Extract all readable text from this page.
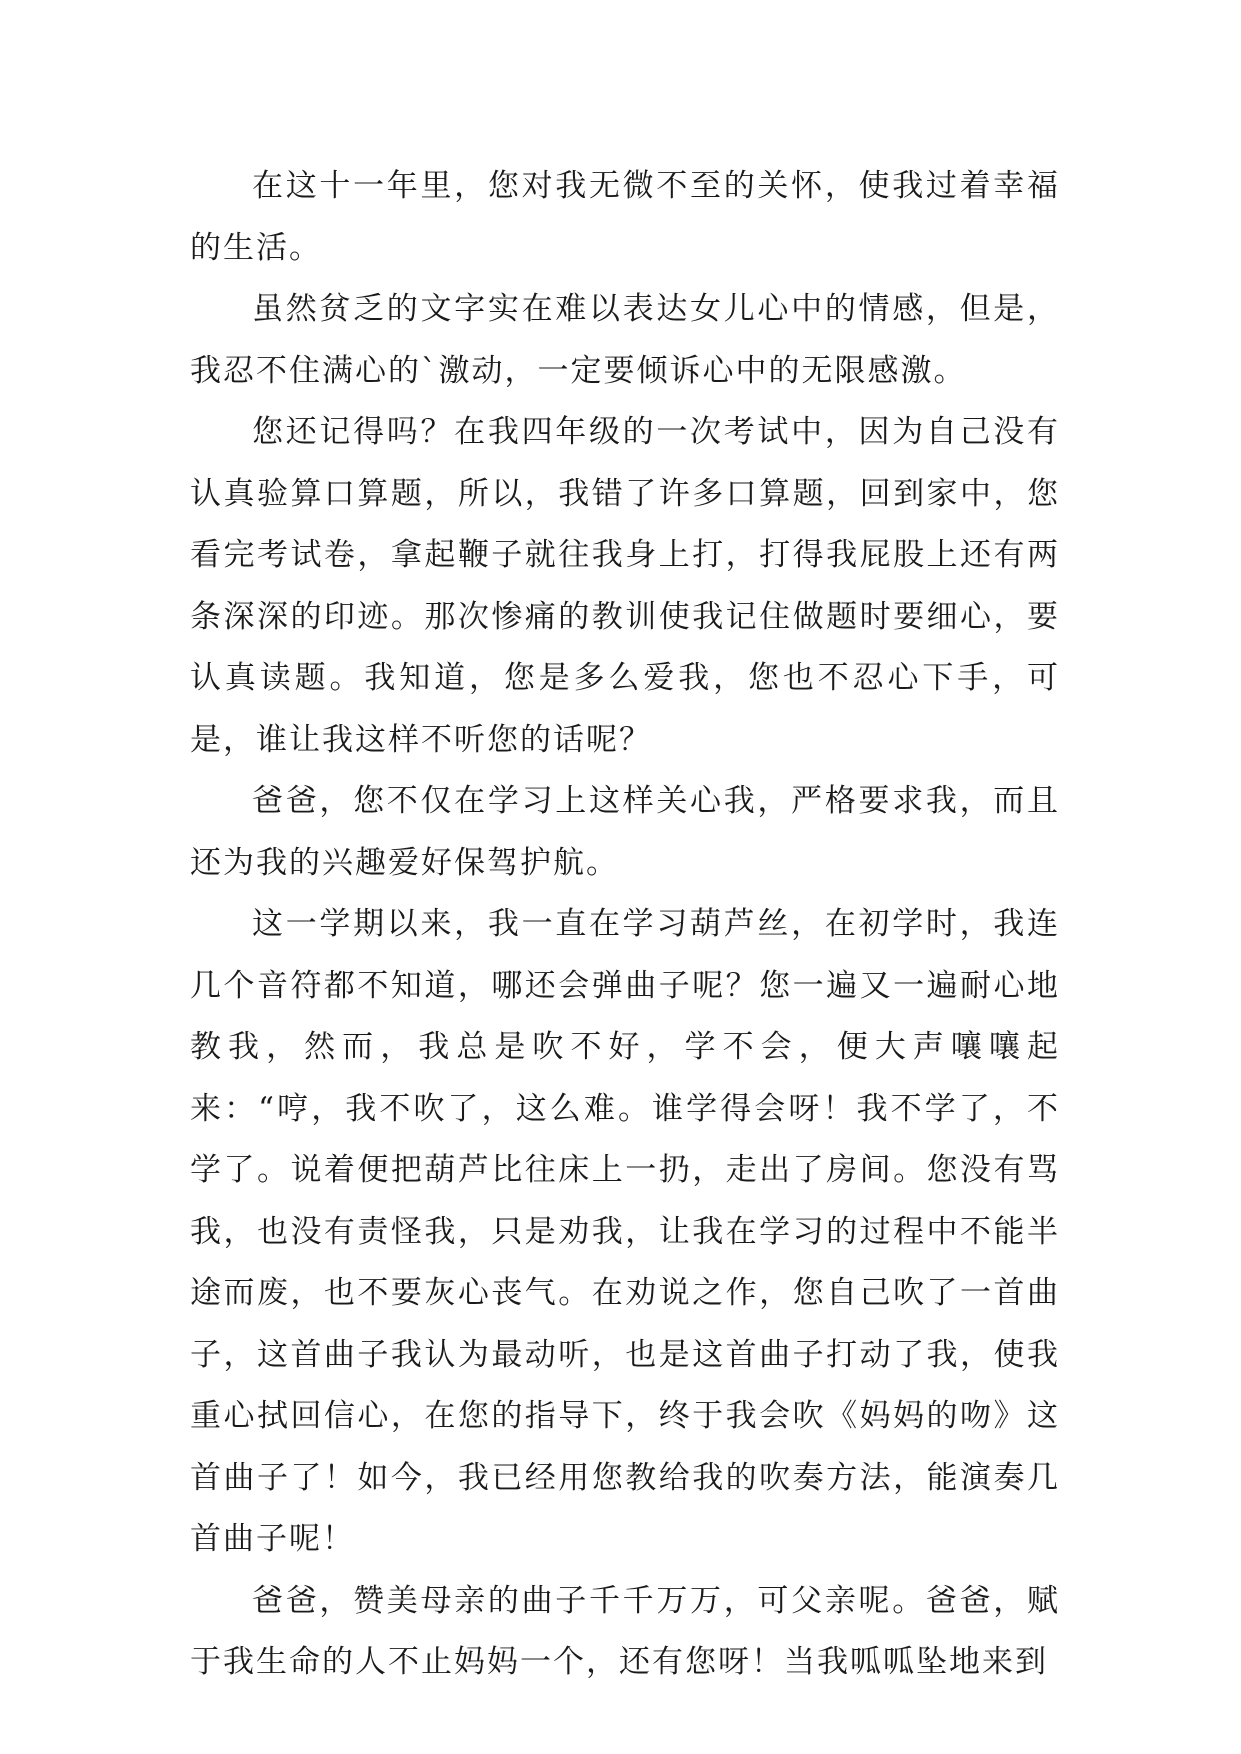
在这十一年里，您对我无微不至的关怀，使我过着幸福的生活。

虽然贫乏的文字实在难以表达女儿心中的情感，但是，我忍不住满心的`激动，一定要倾诉心中的无限感激。

您还记得吗？在我四年级的一次考试中，因为自己没有认真验算口算题，所以，我错了许多口算题，回到家中，您看完考试卷，拿起鞭子就往我身上打，打得我屁股上还有两条深深的印迹。那次惨痛的教训使我记住做题时要细心，要认真读题。我知道，您是多么爱我，您也不忍心下手，可是，谁让我这样不听您的话呢？

爸爸，您不仅在学习上这样关心我，严格要求我，而且还为我的兴趣爱好保驾护航。

这一学期以来，我一直在学习葫芦丝，在初学时，我连几个音符都不知道，哪还会弹曲子呢？您一遍又一遍耐心地教我，然而，我总是吹不好，学不会，便大声嚷嚷起来：“哼，我不吹了，这么难。谁学得会呀！我不学了，不学了。说着便把葫芦比往床上一扔，走出了房间。您没有骂我，也没有责怪我，只是劝我，让我在学习的过程中不能半途而废，也不要灰心丧气。在劝说之作，您自己吹了一首曲子，这首曲子我认为最动听，也是这首曲子打动了我，使我重心拭回信心，在您的指导下，终于我会吹《妈妈的吻》这首曲子了！如今，我已经用您教给我的吹奏方法，能演奏几首曲子呢！

爸爸，赞美母亲的曲子千千万万，可父亲呢。爸爸，赋于我生命的人不止妈妈一个，还有您呀！当我呱呱坠地来到
